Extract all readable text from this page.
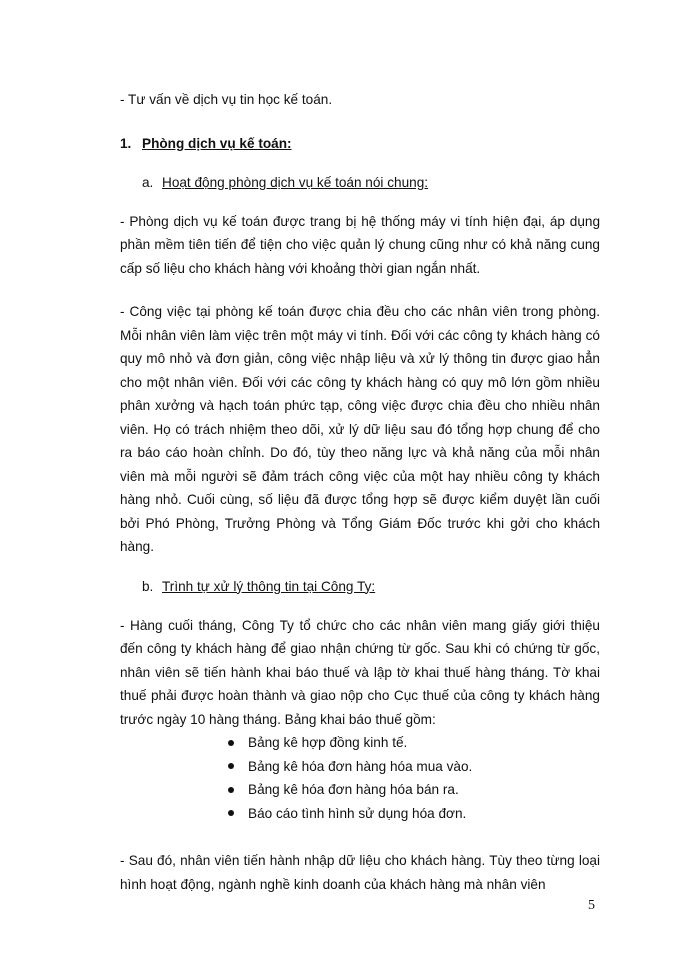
- Tư vấn về dịch vụ tin học kế toán.

1. Phòng dịch vụ kế toán:
a. Hoạt động phòng dịch vụ kế toán nói chung:

- Phòng dịch vụ kế toán được trang bị hệ thống máy vi tính hiện đại, áp dụng phần mềm tiên tiến để tiện cho việc quản lý chung cũng như có khả năng cung cấp số liệu cho khách hàng với khoảng thời gian ngắn nhất.

- Công việc tại phòng kế toán được chia đều cho các nhân viên trong phòng. Mỗi nhân viên làm việc trên một máy vi tính. Đối với các công ty khách hàng có quy mô nhỏ và đơn giản, công việc nhập liệu và xử lý thông tin được giao hẳn cho một nhân viên. Đối với các công ty khách hàng có quy mô lớn gồm nhiều phân xưởng và hạch toán phức tạp, công việc được chia đều cho nhiều nhân viên. Họ có trách nhiệm theo dõi, xử lý dữ liệu sau đó tổng hợp chung để cho ra báo cáo hoàn chỉnh. Do đó, tùy theo năng lực và khả năng của mỗi nhân viên mà mỗi người sẽ đảm trách công việc của một hay nhiều công ty khách hàng nhỏ. Cuối cùng, số liệu đã được tổng hợp sẽ được kiểm duyệt lần cuối bởi Phó Phòng, Trưởng Phòng và Tổng Giám Đốc trước khi gởi cho khách hàng.

b. Trình tự xử lý thông tin tại Công Ty:

- Hàng cuối tháng, Công Ty tổ chức cho các nhân viên mang giấy giới thiệu đến công ty khách hàng để giao nhận chứng từ gốc. Sau khi có chứng từ gốc, nhân viên sẽ tiến hành khai báo thuế và lập tờ khai thuế hàng tháng. Tờ khai thuế phải được hoàn thành và giao nộp cho Cục thuế của công ty khách hàng trước ngày 10 hàng tháng. Bảng khai báo thuế gồm:

Bảng kê hợp đồng kinh tế.
Bảng kê hóa đơn hàng hóa mua vào.
Bảng kê hóa đơn hàng hóa bán ra.
Báo cáo tình hình sử dụng hóa đơn.

- Sau đó, nhân viên tiến hành nhập dữ liệu cho khách hàng. Tùy theo từng loại hình hoạt động, ngành nghề kinh doanh của khách hàng mà nhân viên

5
